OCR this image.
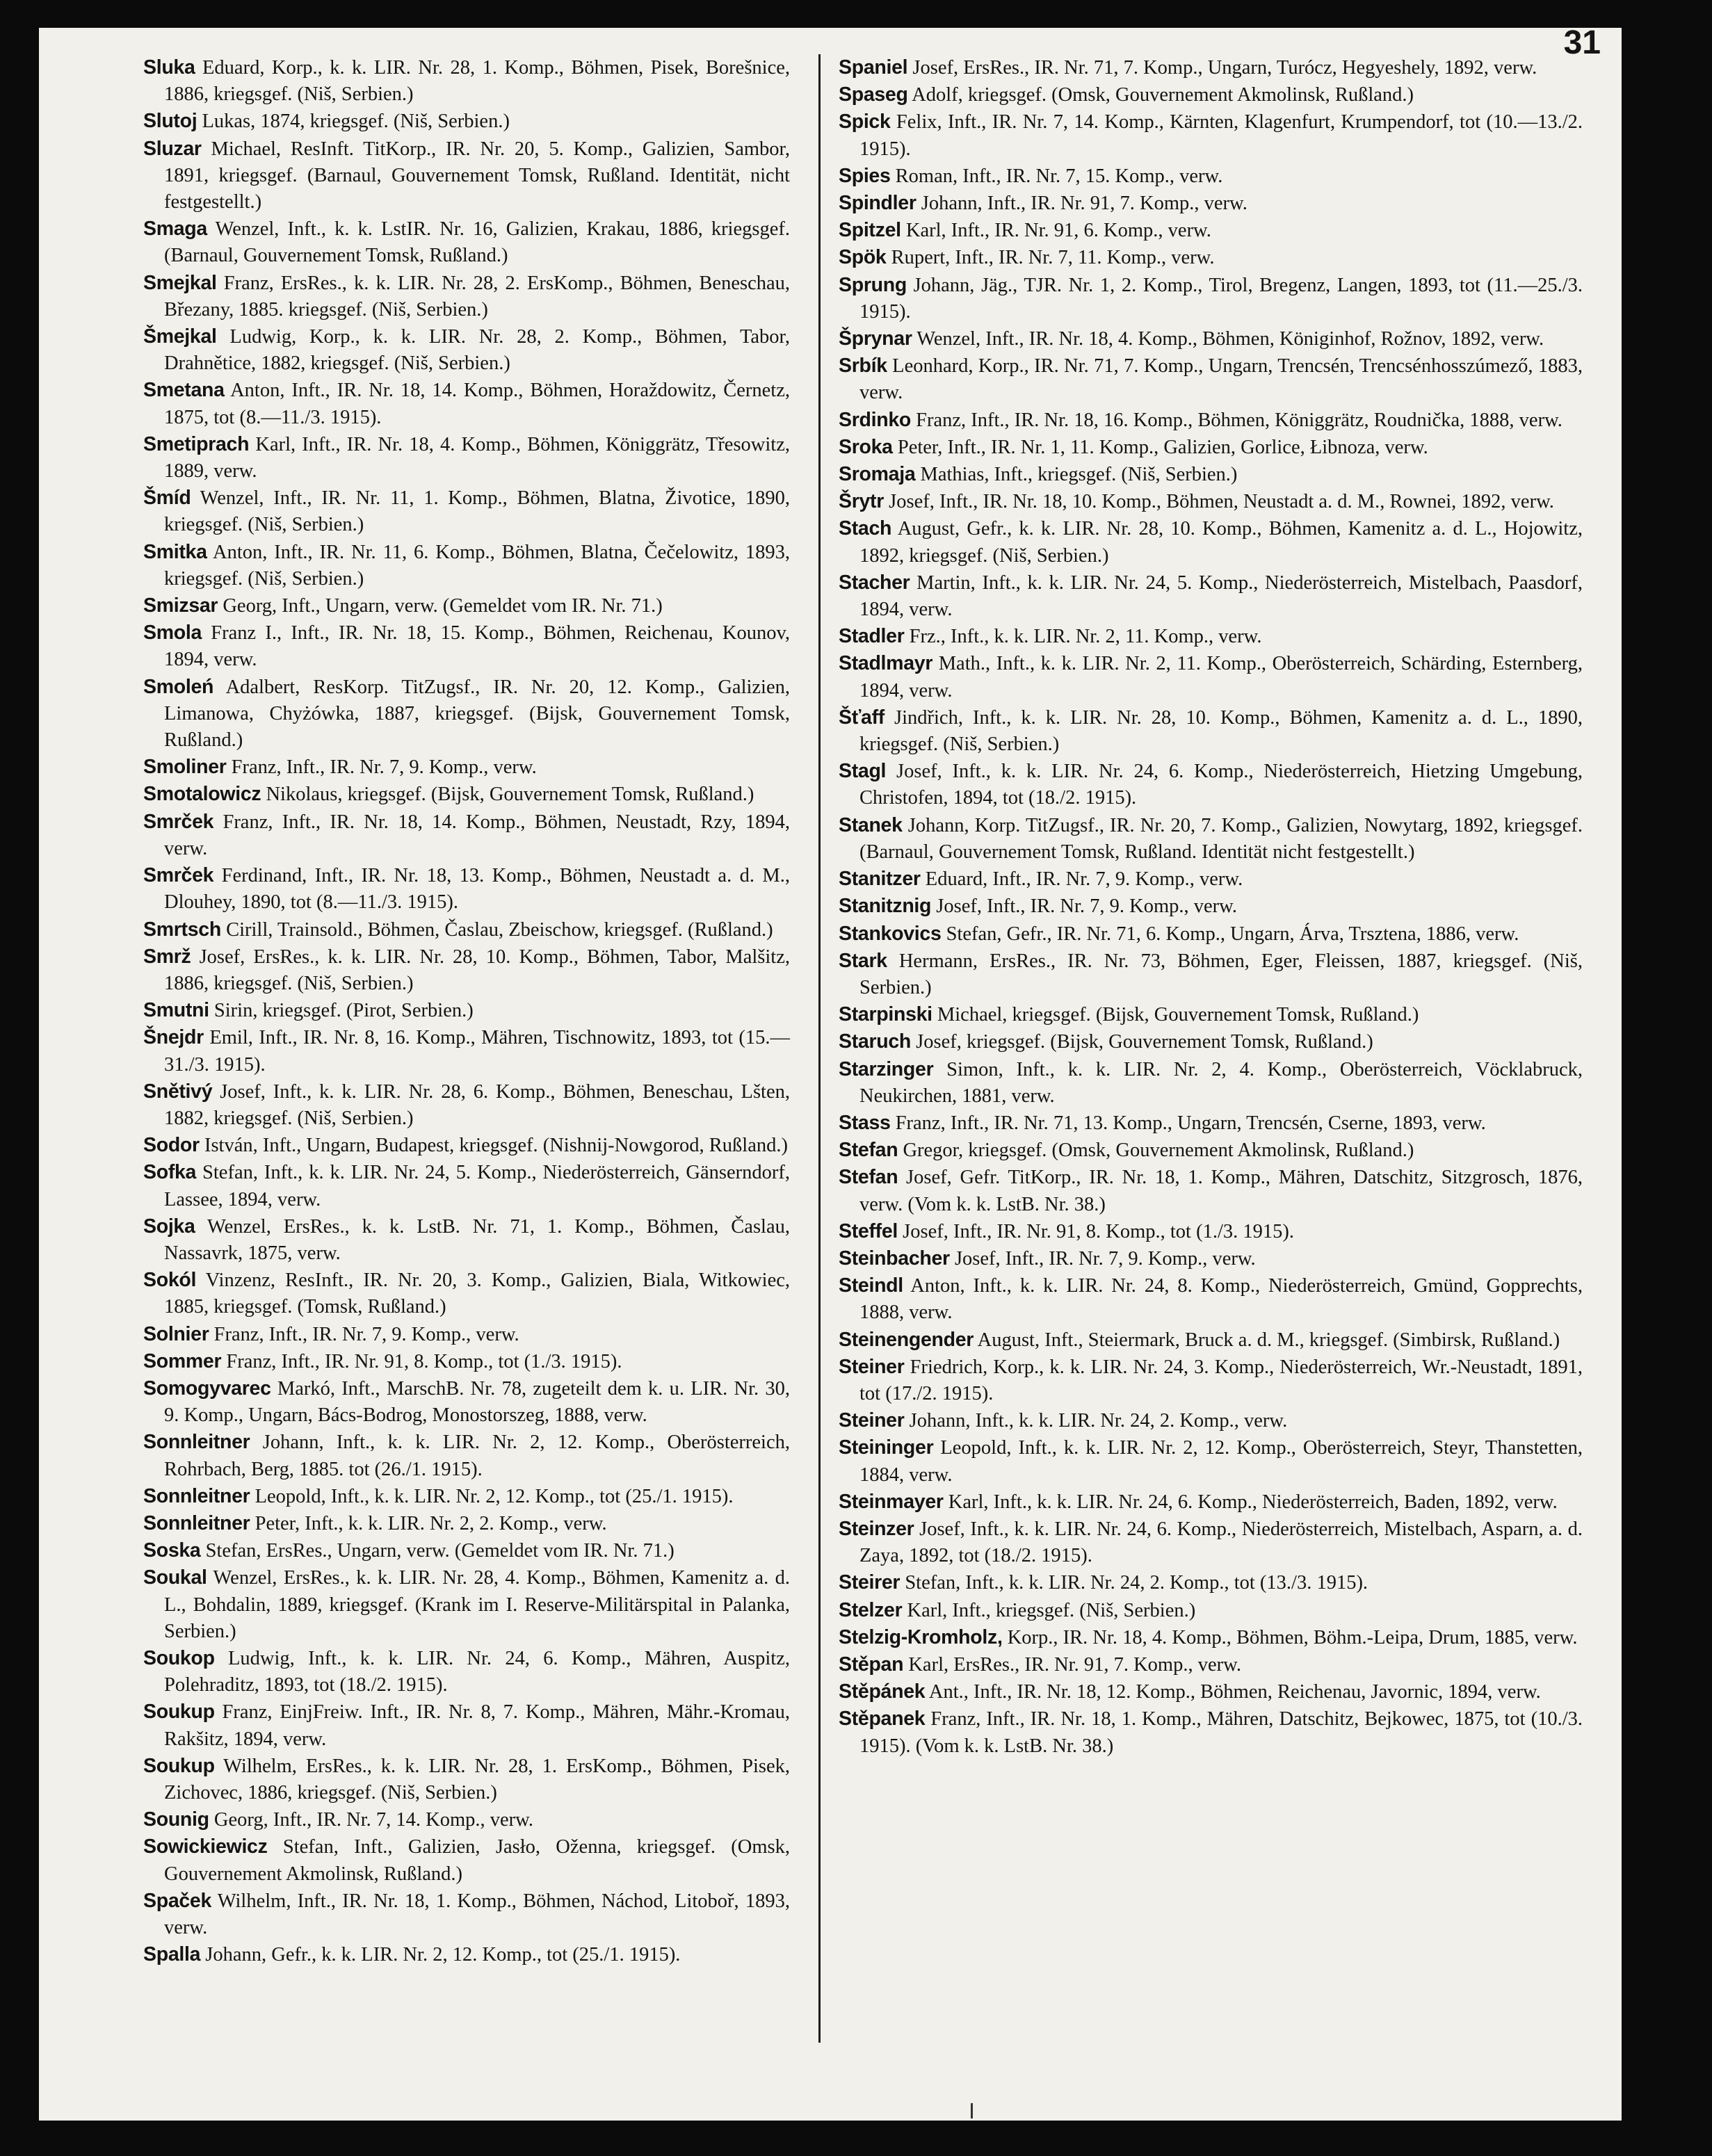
31

Sluka Eduard, Korp., k. k. LIR. Nr. 28, 1. Komp., Böhmen, Pisek, Borešnice, 1886, kriegsgef. (Niš, Serbien.)

Slutoj Lukas, 1874, kriegsgef. (Niš, Serbien.)

Sluzar Michael, ResInft. TitKorp., IR. Nr. 20, 5. Komp., Galizien, Sambor, 1891, kriegsgef. (Barnaul, Gouvernement Tomsk, Rußland. Identität, nicht festgestellt.)

Smaga Wenzel, Inft., k. k. LstIR. Nr. 16, Galizien, Krakau, 1886, kriegsgef. (Barnaul, Gouvernement Tomsk, Rußland.)

Smejkal Franz, ErsRes., k. k. LIR. Nr. 28, 2. ErsKomp., Böhmen, Beneschau, Březany, 1885. kriegsgef. (Niš, Serbien.)

Šmejkal Ludwig, Korp., k. k. LIR. Nr. 28, 2. Komp., Böhmen, Tabor, Drahnětice, 1882, kriegsgef. (Niš, Serbien.)

Smetana Anton, Inft., IR. Nr. 18, 14. Komp., Böhmen, Horaždowitz, Černetz, 1875, tot (8.—11./3. 1915).

Smetiprach Karl, Inft., IR. Nr. 18, 4. Komp., Böhmen, Königgrätz, Třesowitz, 1889, verw.

Šmíd Wenzel, Inft., IR. Nr. 11, 1. Komp., Böhmen, Blatna, Životice, 1890, kriegsgef. (Niš, Serbien.)

Smitka Anton, Inft., IR. Nr. 11, 6. Komp., Böhmen, Blatna, Čečelowitz, 1893, kriegsgef. (Niš, Serbien.)

Smizsar Georg, Inft., Ungarn, verw. (Gemeldet vom IR. Nr. 71.)

Smola Franz I., Inft., IR. Nr. 18, 15. Komp., Böhmen, Reichenau, Kounov, 1894, verw.

Smoleń Adalbert, ResKorp. TitZugsf., IR. Nr. 20, 12. Komp., Galizien, Limanowa, Chyżówka, 1887, kriegsgef. (Bijsk, Gouvernement Tomsk, Rußland.)

Smoliner Franz, Inft., IR. Nr. 7, 9. Komp., verw.

Smotalowicz Nikolaus, kriegsgef. (Bijsk, Gouvernement Tomsk, Rußland.)

Smrček Franz, Inft., IR. Nr. 18, 14. Komp., Böhmen, Neustadt, Rzy, 1894, verw.

Smrček Ferdinand, Inft., IR. Nr. 18, 13. Komp., Böhmen, Neustadt a. d. M., Dlouhey, 1890, tot (8.—11./3. 1915).

Smrtsch Cirill, Trainsold., Böhmen, Časlau, Zbeischow, kriegsgef. (Rußland.)

Smrž Josef, ErsRes., k. k. LIR. Nr. 28, 10. Komp., Böhmen, Tabor, Malšitz, 1886, kriegsgef. (Niš, Serbien.)

Smutni Sirin, kriegsgef. (Pirot, Serbien.)

Šnejdr Emil, Inft., IR. Nr. 8, 16. Komp., Mähren, Tischnowitz, 1893, tot (15.—31./3. 1915).

Snětivý Josef, Inft., k. k. LIR. Nr. 28, 6. Komp., Böhmen, Beneschau, Lšten, 1882, kriegsgef. (Niš, Serbien.)

Sodor István, Inft., Ungarn, Budapest, kriegsgef. (Nishnij-Nowgorod, Rußland.)

Sofka Stefan, Inft., k. k. LIR. Nr. 24, 5. Komp., Niederösterreich, Gänserndorf, Lassee, 1894, verw.

Sojka Wenzel, ErsRes., k. k. LstB. Nr. 71, 1. Komp., Böhmen, Časlau, Nassavrk, 1875, verw.

Sokól Vinzenz, ResInft., IR. Nr. 20, 3. Komp., Galizien, Biala, Witkowiec, 1885, kriegsgef. (Tomsk, Rußland.)

Solnier Franz, Inft., IR. Nr. 7, 9. Komp., verw.

Sommer Franz, Inft., IR. Nr. 91, 8. Komp., tot (1./3. 1915).

Somogyvarec Markó, Inft., MarschB. Nr. 78, zugeteilt dem k. u. LIR. Nr. 30, 9. Komp., Ungarn, Bács-Bodrog, Monostorszeg, 1888, verw.

Sonnleitner Johann, Inft., k. k. LIR. Nr. 2, 12. Komp., Oberösterreich, Rohrbach, Berg, 1885. tot (26./1. 1915).

Sonnleitner Leopold, Inft., k. k. LIR. Nr. 2, 12. Komp., tot (25./1. 1915).

Sonnleitner Peter, Inft., k. k. LIR. Nr. 2, 2. Komp., verw.

Soska Stefan, ErsRes., Ungarn, verw. (Gemeldet vom IR. Nr. 71.)

Soukal Wenzel, ErsRes., k. k. LIR. Nr. 28, 4. Komp., Böhmen, Kamenitz a. d. L., Bohdalin, 1889, kriegsgef. (Krank im I. Reserve-Militärspital in Palanka, Serbien.)

Soukop Ludwig, Inft., k. k. LIR. Nr. 24, 6. Komp., Mähren, Auspitz, Polehraditz, 1893, tot (18./2. 1915).

Soukup Franz, EinjFreiw. Inft., IR. Nr. 8, 7. Komp., Mähren, Mähr.-Kromau, Rakšitz, 1894, verw.

Soukup Wilhelm, ErsRes., k. k. LIR. Nr. 28, 1. ErsKomp., Böhmen, Pisek, Zichovec, 1886, kriegsgef. (Niš, Serbien.)

Sounig Georg, Inft., IR. Nr. 7, 14. Komp., verw.

Sowickiewicz Stefan, Inft., Galizien, Jasło, Oženna, kriegsgef. (Omsk, Gouvernement Akmolinsk, Rußland.)

Spaček Wilhelm, Inft., IR. Nr. 18, 1. Komp., Böhmen, Náchod, Litoboř, 1893, verw.

Spalla Johann, Gefr., k. k. LIR. Nr. 2, 12. Komp., tot (25./1. 1915).

Spaniel Josef, ErsRes., IR. Nr. 71, 7. Komp., Ungarn, Turócz, Hegyeshely, 1892, verw.

Spaseg Adolf, kriegsgef. (Omsk, Gouvernement Akmolinsk, Rußland.)

Spick Felix, Inft., IR. Nr. 7, 14. Komp., Kärnten, Klagenfurt, Krumpendorf, tot (10.—13./2. 1915).

Spies Roman, Inft., IR. Nr. 7, 15. Komp., verw.

Spindler Johann, Inft., IR. Nr. 91, 7. Komp., verw.

Spitzel Karl, Inft., IR. Nr. 91, 6. Komp., verw.

Spök Rupert, Inft., IR. Nr. 7, 11. Komp., verw.

Sprung Johann, Jäg., TJR. Nr. 1, 2. Komp., Tirol, Bregenz, Langen, 1893, tot (11.—25./3. 1915).

Šprynar Wenzel, Inft., IR. Nr. 18, 4. Komp., Böhmen, Königinhof, Rožnov, 1892, verw.

Srbík Leonhard, Korp., IR. Nr. 71, 7. Komp., Ungarn, Trencsén, Trencsénhosszúmező, 1883, verw.

Srdinko Franz, Inft., IR. Nr. 18, 16. Komp., Böhmen, Königgrätz, Roudnička, 1888, verw.

Sroka Peter, Inft., IR. Nr. 1, 11. Komp., Galizien, Gorlice, Łibnoza, verw.

Sromaja Mathias, Inft., kriegsgef. (Niš, Serbien.)

Šrytr Josef, Inft., IR. Nr. 18, 10. Komp., Böhmen, Neustadt a. d. M., Rownei, 1892, verw.

Stach August, Gefr., k. k. LIR. Nr. 28, 10. Komp., Böhmen, Kamenitz a. d. L., Hojowitz, 1892, kriegsgef. (Niš, Serbien.)

Stacher Martin, Inft., k. k. LIR. Nr. 24, 5. Komp., Niederösterreich, Mistelbach, Paasdorf, 1894, verw.

Stadler Frz., Inft., k. k. LIR. Nr. 2, 11. Komp., verw.

Stadlmayr Math., Inft., k. k. LIR. Nr. 2, 11. Komp., Oberösterreich, Schärding, Esternberg, 1894, verw.

Šťaff Jindřich, Inft., k. k. LIR. Nr. 28, 10. Komp., Böhmen, Kamenitz a. d. L., 1890, kriegsgef. (Niš, Serbien.)

Stagl Josef, Inft., k. k. LIR. Nr. 24, 6. Komp., Niederösterreich, Hietzing Umgebung, Christofen, 1894, tot (18./2. 1915).

Stanek Johann, Korp. TitZugsf., IR. Nr. 20, 7. Komp., Galizien, Nowytarg, 1892, kriegsgef. (Barnaul, Gouvernement Tomsk, Rußland. Identität nicht festgestellt.)

Stanitzer Eduard, Inft., IR. Nr. 7, 9. Komp., verw.

Stanitznig Josef, Inft., IR. Nr. 7, 9. Komp., verw.

Stankovics Stefan, Gefr., IR. Nr. 71, 6. Komp., Ungarn, Árva, Trsztena, 1886, verw.

Stark Hermann, ErsRes., IR. Nr. 73, Böhmen, Eger, Fleissen, 1887, kriegsgef. (Niš, Serbien.)

Starpinski Michael, kriegsgef. (Bijsk, Gouvernement Tomsk, Rußland.)

Staruch Josef, kriegsgef. (Bijsk, Gouvernement Tomsk, Rußland.)

Starzinger Simon, Inft., k. k. LIR. Nr. 2, 4. Komp., Oberösterreich, Vöcklabruck, Neukirchen, 1881, verw.

Stass Franz, Inft., IR. Nr. 71, 13. Komp., Ungarn, Trencsén, Cserne, 1893, verw.

Stefan Gregor, kriegsgef. (Omsk, Gouvernement Akmolinsk, Rußland.)

Stefan Josef, Gefr. TitKorp., IR. Nr. 18, 1. Komp., Mähren, Datschitz, Sitzgrosch, 1876, verw. (Vom k. k. LstB. Nr. 38.)

Steffel Josef, Inft., IR. Nr. 91, 8. Komp., tot (1./3. 1915).

Steinbacher Josef, Inft., IR. Nr. 7, 9. Komp., verw.

Steindl Anton, Inft., k. k. LIR. Nr. 24, 8. Komp., Niederösterreich, Gmünd, Gopprechts, 1888, verw.

Steinengender August, Inft., Steiermark, Bruck a. d. M., kriegsgef. (Simbirsk, Rußland.)

Steiner Friedrich, Korp., k. k. LIR. Nr. 24, 3. Komp., Niederösterreich, Wr.-Neustadt, 1891, tot (17./2. 1915).

Steiner Johann, Inft., k. k. LIR. Nr. 24, 2. Komp., verw.

Steininger Leopold, Inft., k. k. LIR. Nr. 2, 12. Komp., Oberösterreich, Steyr, Thanstetten, 1884, verw.

Steinmayer Karl, Inft., k. k. LIR. Nr. 24, 6. Komp., Niederösterreich, Baden, 1892, verw.

Steinzer Josef, Inft., k. k. LIR. Nr. 24, 6. Komp., Niederösterreich, Mistelbach, Asparn, a. d. Zaya, 1892, tot (18./2. 1915).

Steirer Stefan, Inft., k. k. LIR. Nr. 24, 2. Komp., tot (13./3. 1915).

Stelzer Karl, Inft., kriegsgef. (Niš, Serbien.)

Stelzig-Kromholz, Korp., IR. Nr. 18, 4. Komp., Böhmen, Böhm.-Leipa, Drum, 1885, verw.

Stěpan Karl, ErsRes., IR. Nr. 91, 7. Komp., verw.

Stěpánek Ant., Inft., IR. Nr. 18, 12. Komp., Böhmen, Reichenau, Javornic, 1894, verw.

Stěpanek Franz, Inft., IR. Nr. 18, 1. Komp., Mähren, Datschitz, Bejkowec, 1875, tot (10./3. 1915). (Vom k. k. LstB. Nr. 38.)
